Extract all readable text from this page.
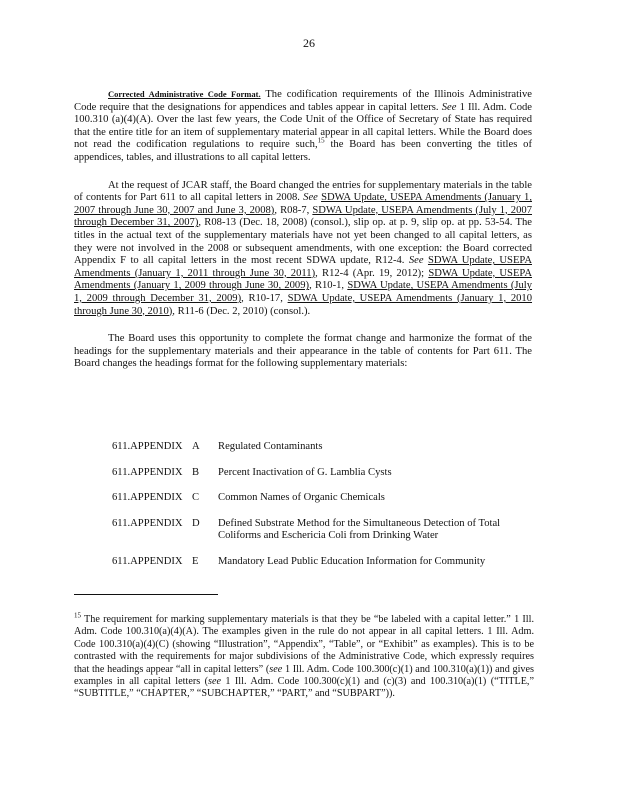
26

Corrected Administrative Code Format. The codification requirements of the Illinois Administrative Code require that the designations for appendices and tables appear in capital letters. See 1 Ill. Adm. Code 100.310 (a)(4)(A). Over the last few years, the Code Unit of the Office of Secretary of State has required that the entire title for an item of supplementary material appear in all capital letters. While the Board does not read the codification regulations to require such,$^{15}$ the Board has been converting the titles of appendices, tables, and illustrations to all capital letters.

At the request of JCAR staff, the Board changed the entries for supplementary materials in the table of contents for Part 611 to all capital letters in 2008. See SDWA Update, USEPA Amendments (January 1, 2007 through June 30, 2007 and June 3, 2008), R08-7, SDWA Update, USEPA Amendments (July 1, 2007 through December 31, 2007), R08-13 (Dec. 18, 2008) (consol.), slip op. at p. 9, slip op. at pp. 53-54. The titles in the actual text of the supplementary materials have not yet been changed to all capital letters, as they were not involved in the 2008 or subsequent amendments, with one exception: the Board corrected Appendix F to all capital letters in the most recent SDWA update, R12-4. See SDWA Update, USEPA Amendments (January 1, 2011 through June 30, 2011), R12-4 (Apr. 19, 2012); SDWA Update, USEPA Amendments (January 1, 2009 through June 30, 2009), R10-1, SDWA Update, USEPA Amendments (July 1, 2009 through December 31, 2009), R10-17, SDWA Update, USEPA Amendments (January 1, 2010 through June 30, 2010), R11-6 (Dec. 2, 2010) (consol.).

The Board uses this opportunity to complete the format change and harmonize the format of the headings for the supplementary materials and their appearance in the table of contents for Part 611. The Board changes the headings format for the following supplementary materials:

611.APPENDIX	A	Regulated Contaminants
611.APPENDIX	B	Percent Inactivation of G. Lamblia Cysts
611.APPENDIX	C	Common Names of Organic Chemicals
611.APPENDIX	D	Defined Substrate Method for the Simultaneous Detection of Total Coliforms and Eschericia Coli from Drinking Water
611.APPENDIX	E	Mandatory Lead Public Education Information for Community
$^{15}$ The requirement for marking supplementary materials is that they be “be labeled with a capital letter.” 1 Ill. Adm. Code 100.310(a)(4)(A). The examples given in the rule do not appear in all capital letters. 1 Ill. Adm. Code 100.310(a)(4)(C) (showing “Illustration”, “Appendix”, “Table”, or “Exhibit” as examples). This is to be contrasted with the requirements for major subdivisions of the Administrative Code, which expressly requires that the headings appear “all in capital letters” (see 1 Ill. Adm. Code 100.300(c)(1) and 100.310(a)(1)) and gives examples in all capital letters (see 1 Ill. Adm. Code 100.300(c)(1) and (c)(3) and 100.310(a)(1) (“TITLE,” “SUBTITLE,” “CHAPTER,” “SUBCHAPTER,” “PART,” and “SUBPART”)).
